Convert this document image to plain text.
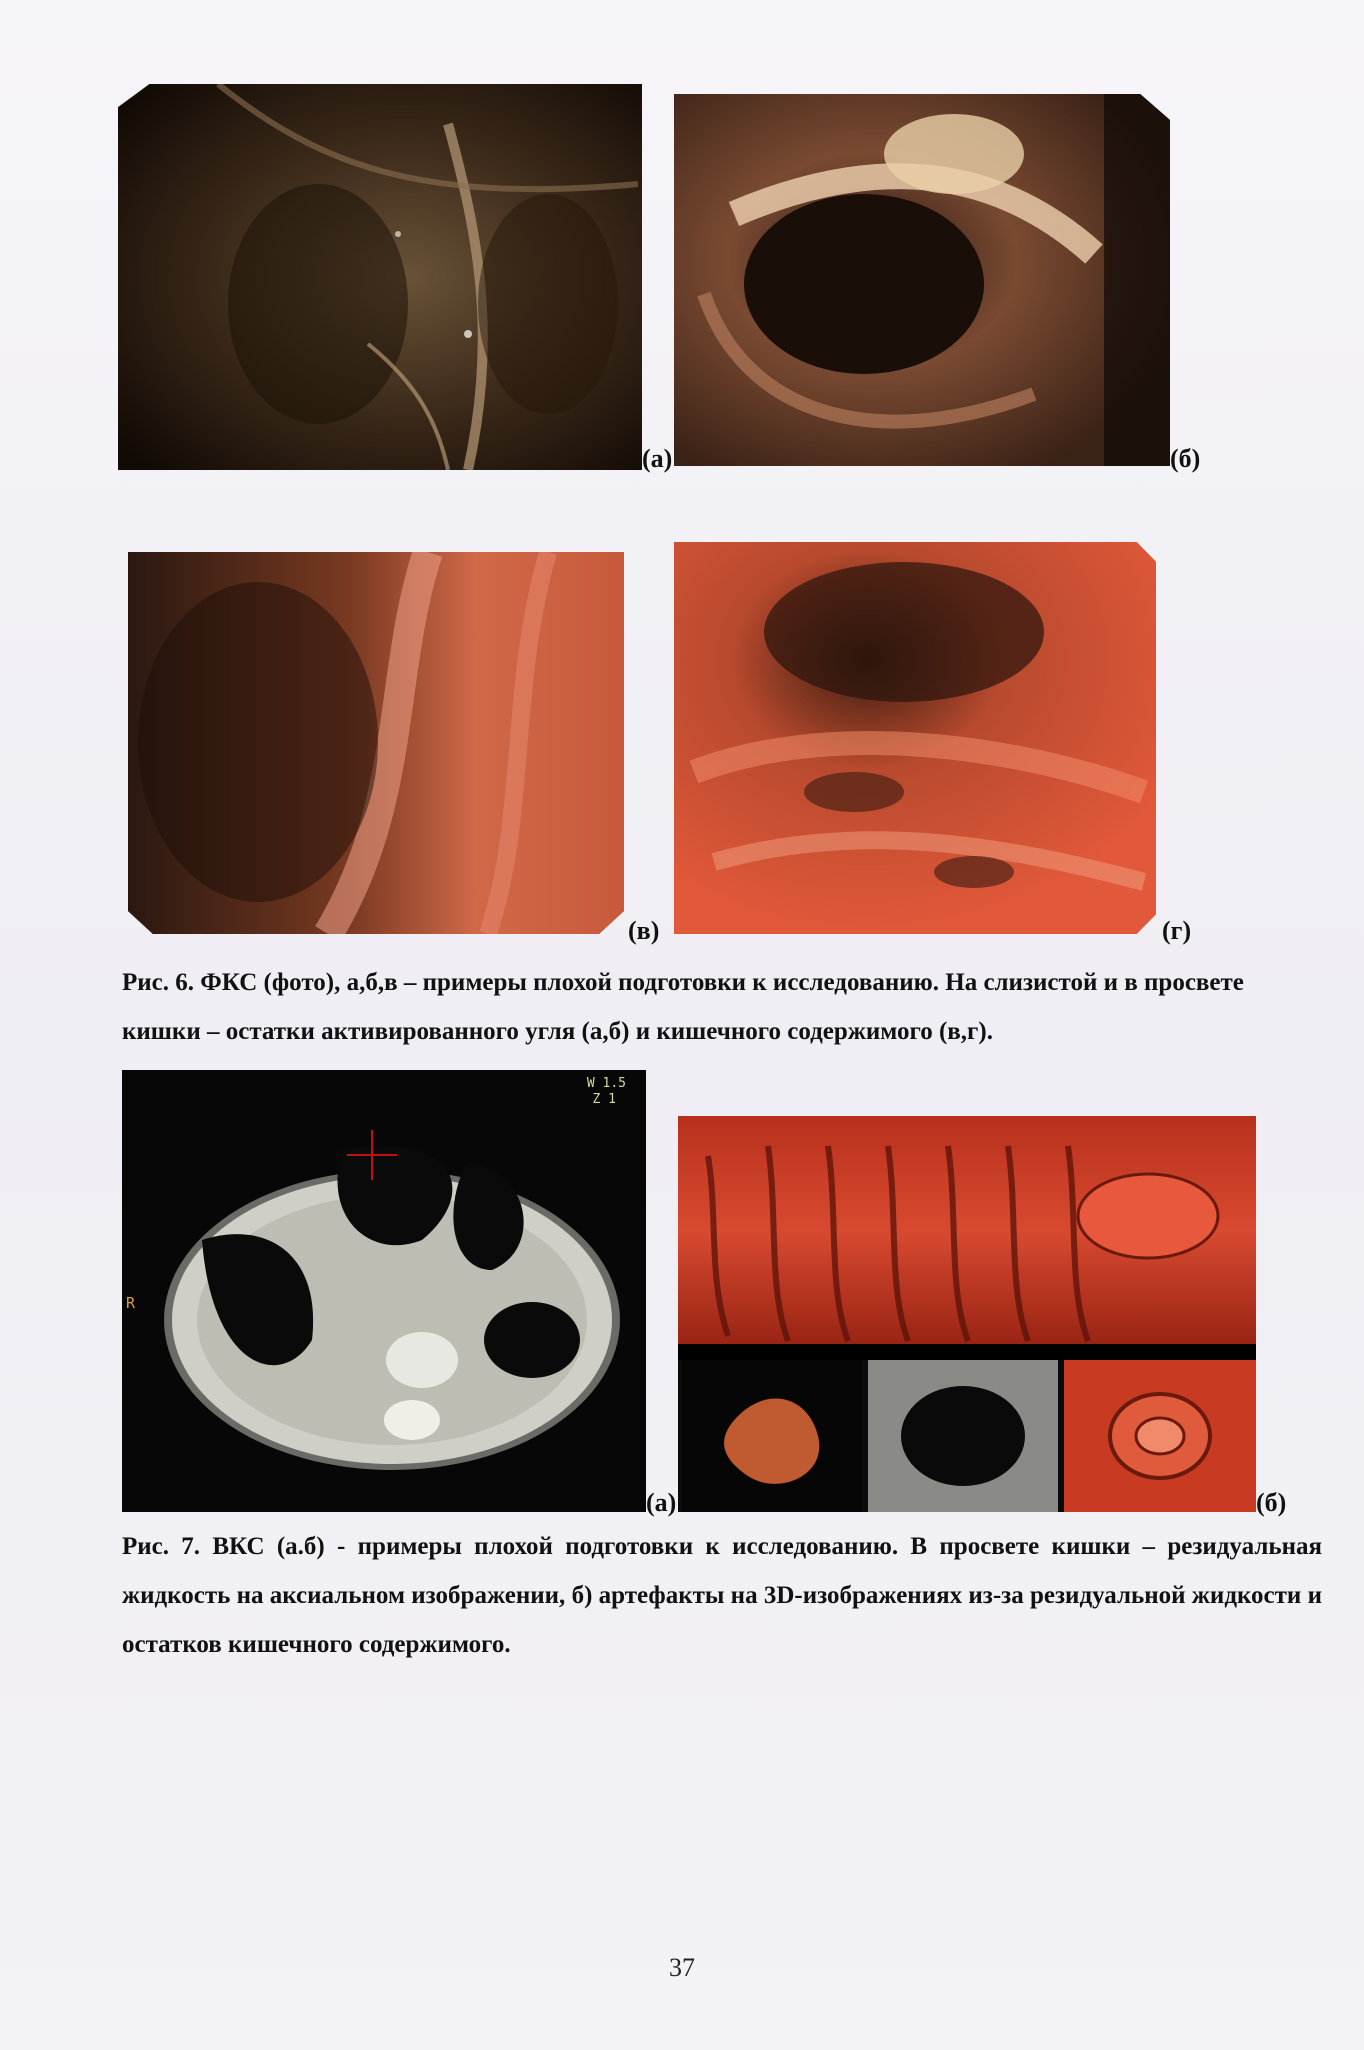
(а)	(б)
(в)	(г)
Рис. 6. ФКС (фото), а,б,в – примеры плохой подготовки к исследованию. На слизистой и в просвете кишки – остатки активированного угля (а,б) и кишечного содержимого (в,г).
W 1.5
Z 1
R
(а)	(б)
Рис. 7. ВКС (а.б) - примеры плохой подготовки к исследованию. В просвете кишки – резидуальная жидкость на аксиальном изображении, б) артефакты на 3D-изображениях из-за резидуальной жидкости и остатков кишечного содержимого.
37
